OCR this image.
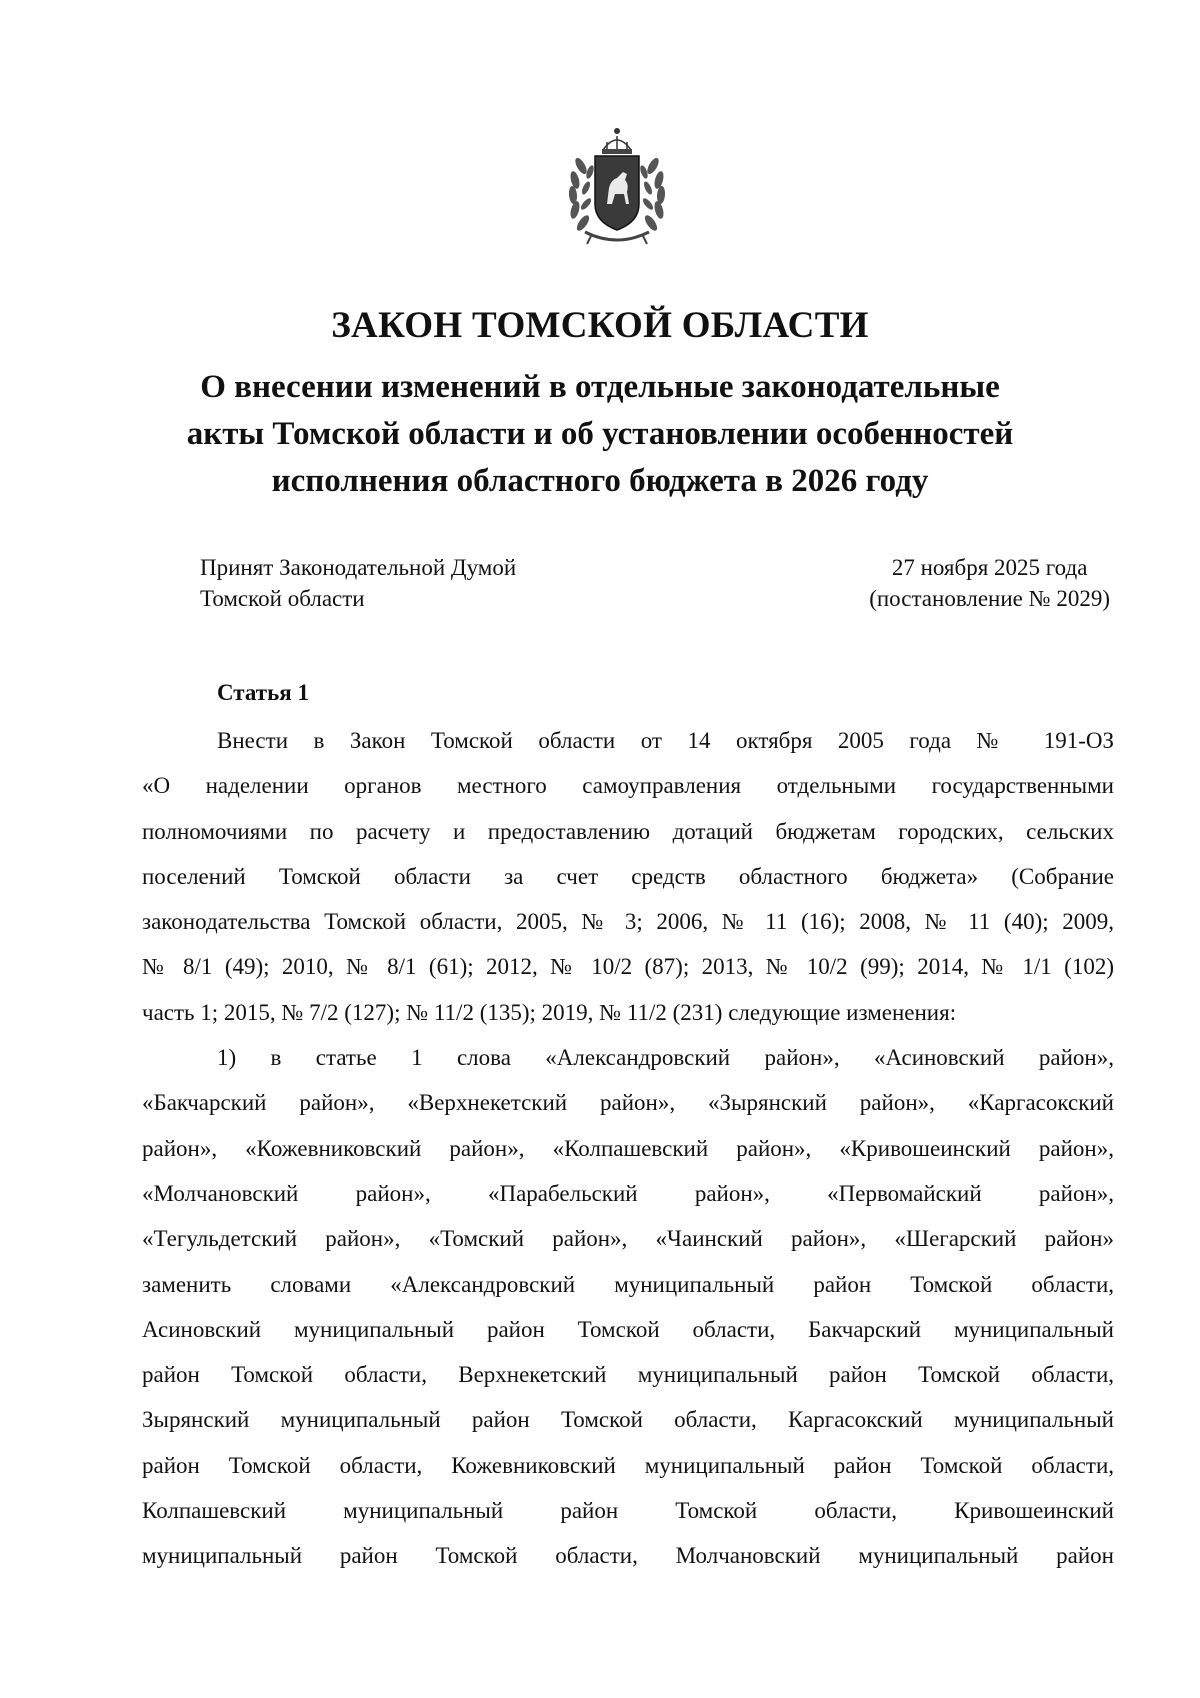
ЗАКОН ТОМСКОЙ ОБЛАСТИ
О внесении изменений в отдельные законодательные
акты Томской области и об установлении особенностей
исполнения областного бюджета в 2026 году
Принят Законодательной Думой
Томской области
27 ноября 2025 года
(постановление № 2029)
Статья 1
Внести в Закон Томской области от 14 октября 2005 года № 191-ОЗ
«О наделении органов местного самоуправления отдельными государственными
полномочиями по расчету и предоставлению дотаций бюджетам городских, сельских
поселений Томской области за счет средств областного бюджета» (Собрание
законодательства Томской области, 2005, № 3; 2006, № 11 (16); 2008, № 11 (40); 2009,
№ 8/1 (49); 2010, № 8/1 (61); 2012, № 10/2 (87); 2013, № 10/2 (99); 2014, № 1/1 (102)
часть 1; 2015, № 7/2 (127); № 11/2 (135); 2019, № 11/2 (231) следующие изменения:
1) в статье 1 слова «Александровский район», «Асиновский район»,
«Бакчарский район», «Верхнекетский район», «Зырянский район», «Каргасокский
район», «Кожевниковский район», «Колпашевский район», «Кривошеинский район»,
«Молчановский район», «Парабельский район», «Первомайский район»,
«Тегульдетский район», «Томский район», «Чаинский район», «Шегарский район»
заменить словами «Александровский муниципальный район Томской области,
Асиновский муниципальный район Томской области, Бакчарский муниципальный
район Томской области, Верхнекетский муниципальный район Томской области,
Зырянский муниципальный район Томской области, Каргасокский муниципальный
район Томской области, Кожевниковский муниципальный район Томской области,
Колпашевский муниципальный район Томской области, Кривошеинский
муниципальный район Томской области, Молчановский муниципальный район
